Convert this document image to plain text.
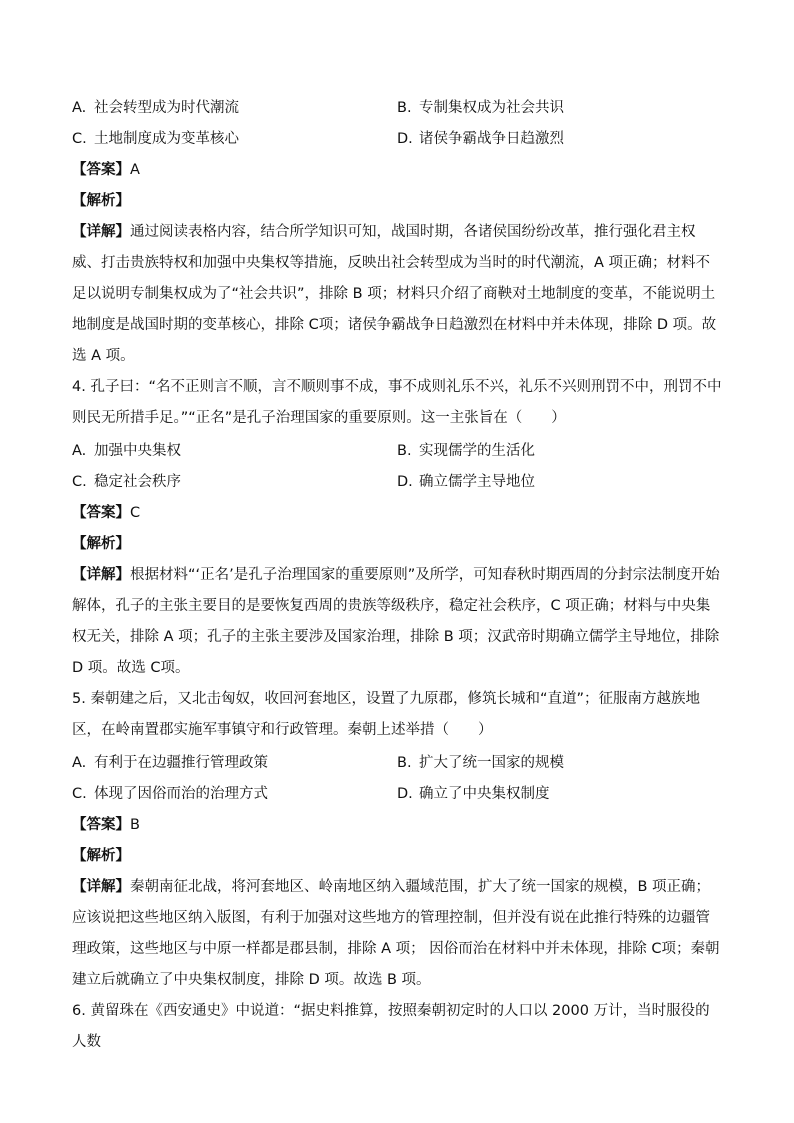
A. 社会转型成为时代潮流	B. 专制集权成为社会共识
C. 土地制度成为变革核心	D. 诸侯争霸战争日趋激烈
【答案】A
【解析】
【详解】通过阅读表格内容，结合所学知识可知，战国时期，各诸侯国纷纷改革，推行强化君主权威、打击贵族特权和加强中央集权等措施，反映出社会转型成为当时的时代潮流，A 项正确；材料不足以说明专制集权成为了“社会共识”，排除 B 项；材料只介绍了商鞅对土地制度的变革，不能说明土地制度是战国时期的变革核心，排除 C项；诸侯争霸战争日趋激烈在材料中并未体现，排除 D 项。故选 A 项。
4. 孔子曰：“名不正则言不顺，言不顺则事不成，事不成则礼乐不兴，礼乐不兴则刑罚不中，刑罚不中则民无所措手足。”“正名”是孔子治理国家的重要原则。这一主张旨在（　　）
A. 加强中央集权	B. 实现儒学的生活化
C. 稳定社会秩序	D. 确立儒学主导地位
【答案】C
【解析】
【详解】根据材料“‘正名’是孔子治理国家的重要原则”及所学，可知春秋时期西周的分封宗法制度开始解体，孔子的主张主要目的是要恢复西周的贵族等级秩序，稳定社会秩序，C 项正确；材料与中央集权无关，排除 A 项；孔子的主张主要涉及国家治理，排除 B 项；汉武帝时期确立儒学主导地位，排除 D 项。故选 C项。
5. 秦朝建之后，又北击匈奴，收回河套地区，设置了九原郡，修筑长城和“直道”；征服南方越族地区，在岭南置郡实施军事镇守和行政管理。秦朝上述举措（　　）
A. 有利于在边疆推行管理政策	B. 扩大了统一国家的规模
C. 体现了因俗而治的治理方式	D. 确立了中央集权制度
【答案】B
【解析】
【详解】秦朝南征北战，将河套地区、岭南地区纳入疆域范围，扩大了统一国家的规模，B 项正确；应该说把这些地区纳入版图，有利于加强对这些地方的管理控制，但并没有说在此推行特殊的边疆管理政策，这些地区与中原一样都是郡县制，排除 A 项； 因俗而治在材料中并未体现，排除 C项；秦朝建立后就确立了中央集权制度，排除 D 项。故选 B 项。
6. 黄留珠在《西安通史》中说道：“据史料推算，按照秦朝初定时的人口以 2000 万计，当时服役的人数
